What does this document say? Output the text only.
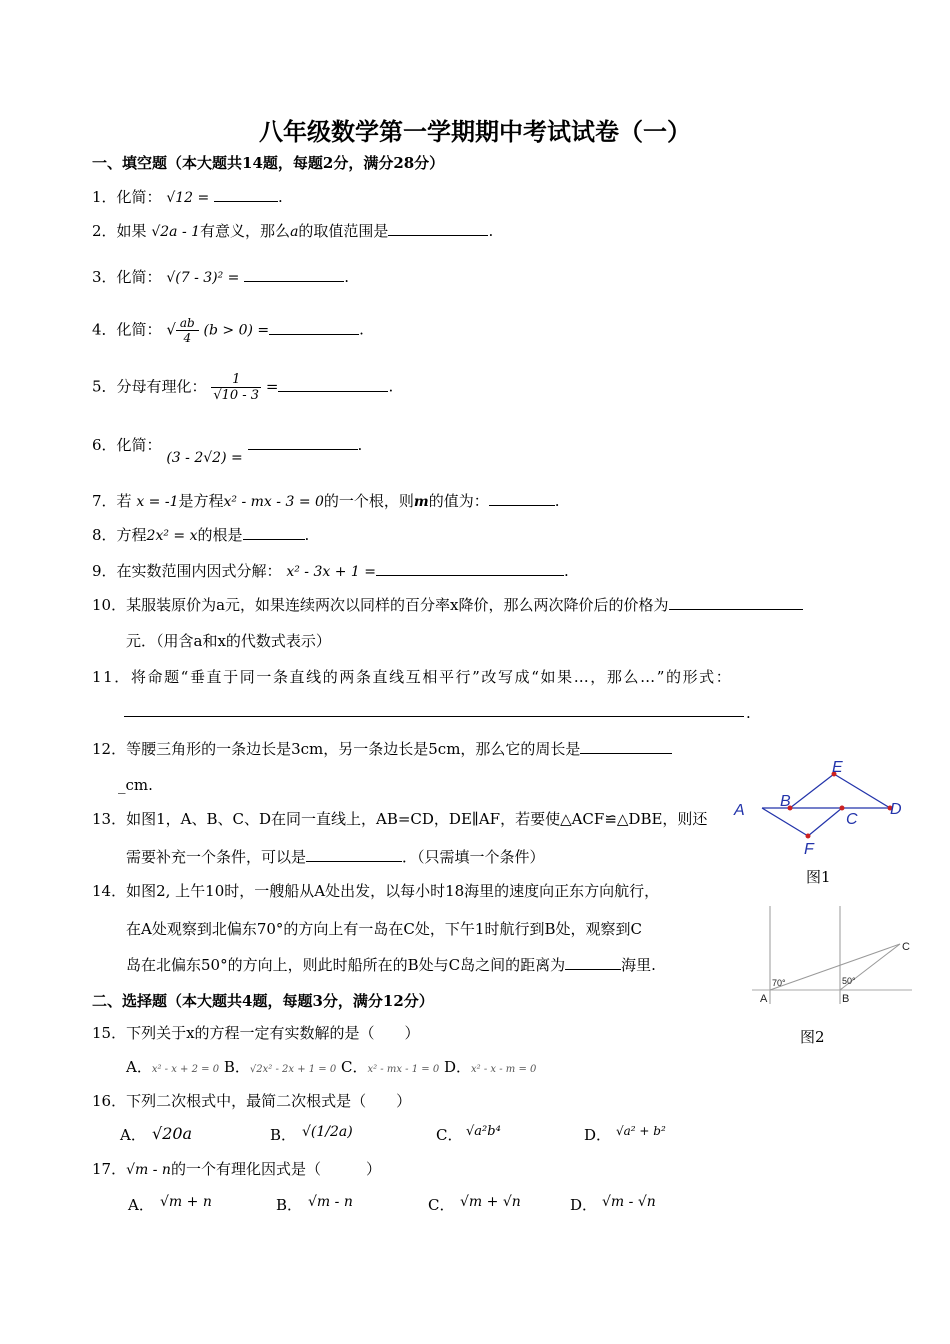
八年级数学第一学期期中考试试卷（一）
一、填空题（本大题共14题，每题2分，满分28分）
1．化简： √12 =	.
2．如果 √2a - 1有意义，那么a的取值范围是	.
3．化简： √(7 - 3)² =	.
4．化简： √ $\frac{ab}{4} (b > 0)$ =	.
5．分母有理化： $\frac{1}{√10 - 3}$ =	.
6．化简： (3 - 2√2) = .
7．若 x = -1是方程x² - mx - 3 = 0的一个根，则m的值为：	.
8．方程2x² = x的根是	.
9．在实数范围内因式分解： x² - 3x + 1 =	.
10．某服装原价为a元，如果连续两次以同样的百分率x降价，那么两次降价后的价格为
元．（用含a和x的代数式表示）
11．将命题“垂直于同一条直线的两条直线互相平行”改写成“如果…，那么…”的形式：
.
12．等腰三角形的一条边长是3cm，另一条边长是5cm，那么它的周长是
_cm.
13．如图1，A、B、C、D在同一直线上，AB=CD，DE∥AF，若要使△ACF≌△DBE，则还
需要补充一个条件，可以是	．（只需填一个条件）
14．如图2, 上午10时，一艘船从A处出发，以每小时18海里的速度向正东方向航行，
在A处观察到北偏东70°的方向上有一岛在C处，下午1时航行到B处，观察到C
岛在北偏东50°的方向上，则此时船所在的B处与C岛之间的距离为	海里.
二、选择题（本大题共4题，每题3分，满分12分）
15．下列关于x的方程一定有实数解的是（　　）
A．x² - x + 2 = 0 B．√2x² - 2x + 1 = 0 C．x² - mx - 1 = 0 D．x² - x - m = 0
16．下列二次根式中，最简二次根式是（　　）
A． √20a	B． √(1/2a)	C． √a²b⁴	D． √a² + b²
17．√m - n的一个有理化因式是（　　　）
A． √m + n	B． √m - n	C． √m + √n	D． √m - √n
E
B
A
C
D
F
图1
C
70°	50°
A	B
图2
